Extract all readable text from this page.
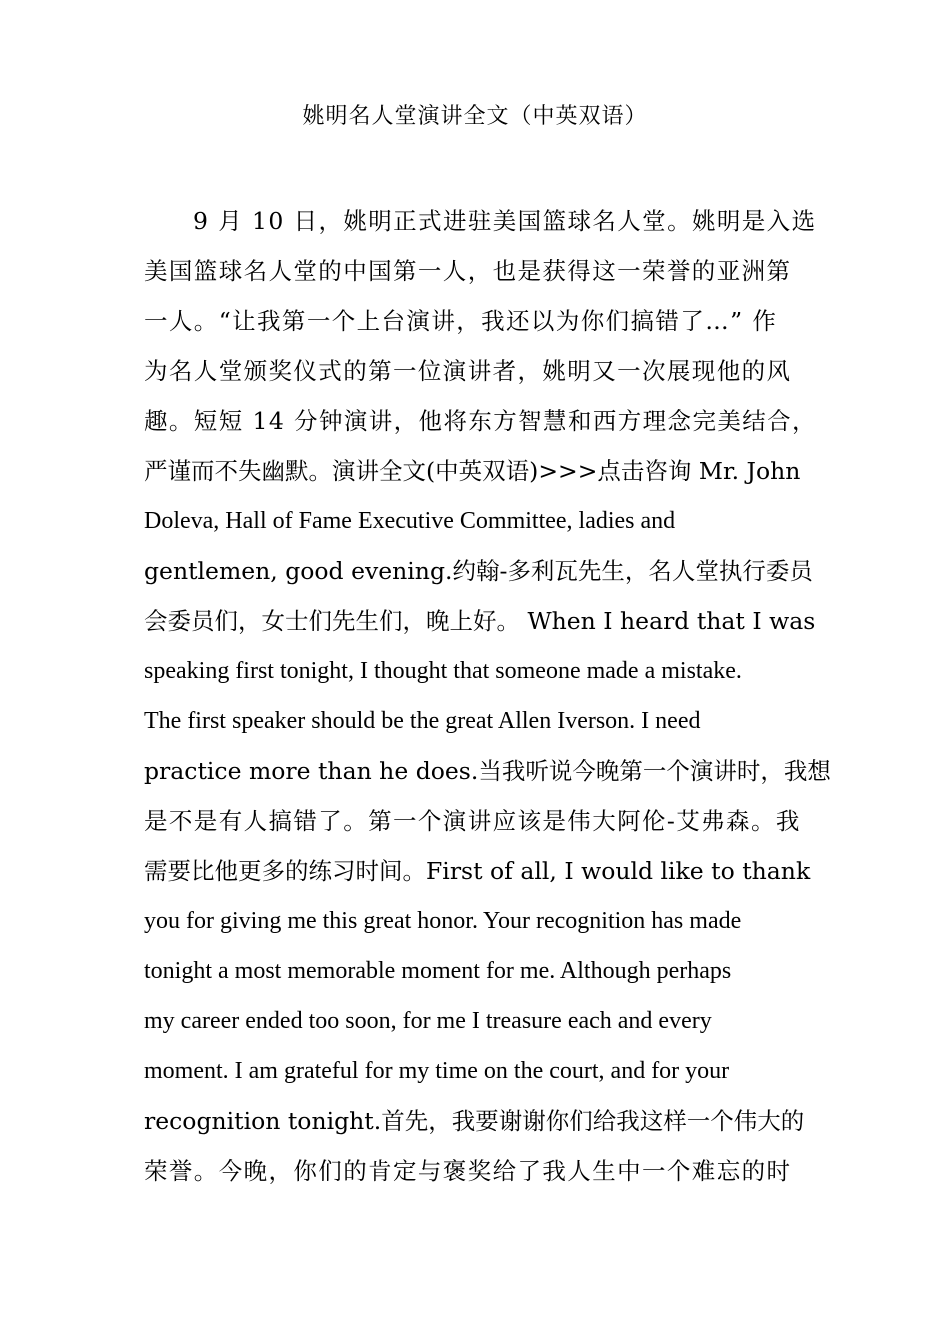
姚明名人堂演讲全文（中英双语）
9 月 10 日，姚明正式进驻美国篮球名人堂。姚明是入选
美国篮球名人堂的中国第一人，也是获得这一荣誉的亚洲第
一人。“让我第一个上台演讲，我还以为你们搞错了…” 作
为名人堂颁奖仪式的第一位演讲者，姚明又一次展现他的风
趣。短短 14 分钟演讲，他将东方智慧和西方理念完美结合，
严谨而不失幽默。演讲全文(中英双语)>>>点击咨询 Mr. John
Doleva, Hall of Fame Executive Committee, ladies and
gentlemen, good evening.约翰-多利瓦先生，名人堂执行委员
会委员们，女士们先生们，晚上好。 When I heard that I was
speaking first tonight, I thought that someone made a mistake.
The first speaker should be the great Allen Iverson. I need
practice more than he does.当我听说今晚第一个演讲时，我想
是不是有人搞错了。第一个演讲应该是伟大阿伦-艾弗森。我
需要比他更多的练习时间。First of all, I would like to thank
you for giving me this great honor. Your recognition has made
tonight a most memorable moment for me. Although perhaps
my career ended too soon, for me I treasure each and every
moment. I am grateful for my time on the court, and for your
recognition tonight.首先，我要谢谢你们给我这样一个伟大的
荣誉。今晚，你们的肯定与褒奖给了我人生中一个难忘的时
